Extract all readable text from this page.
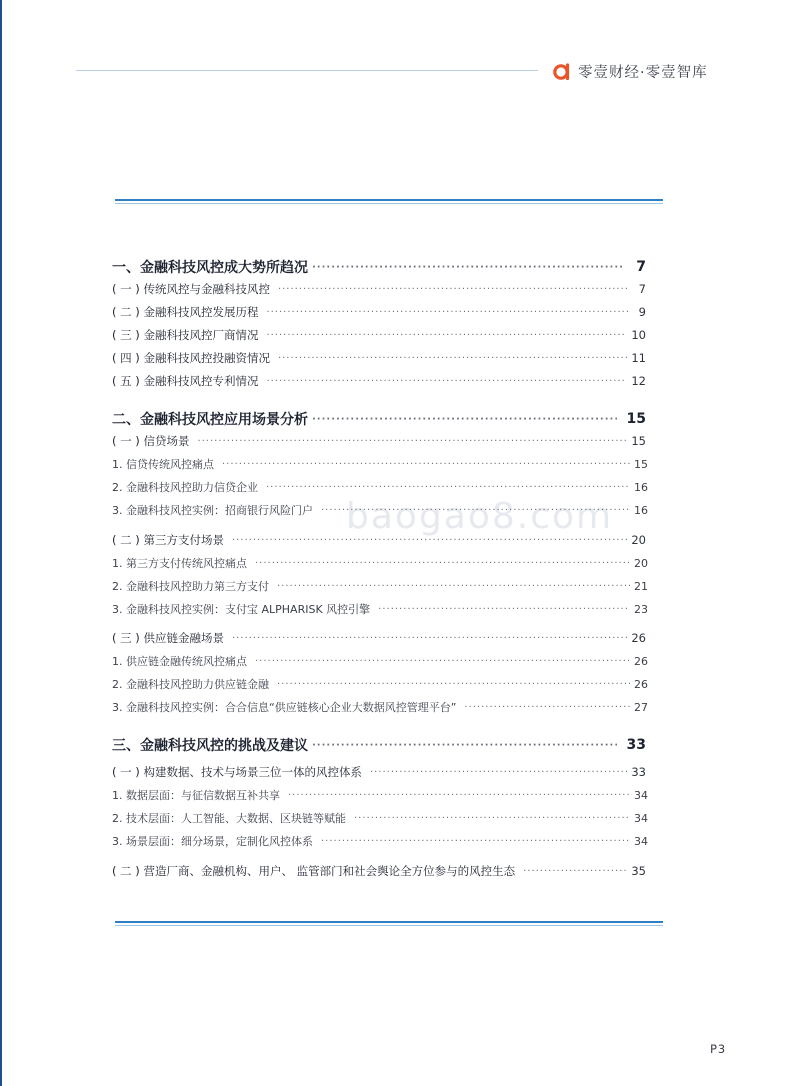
零壹财经·零壹智库
baogao8.com
一、金融科技风控成大势所趋况 ·····	7
( 一 ) 传统风控与金融科技风控 ·····	7
( 二 ) 金融科技风控发展历程 ·····	9
( 三 ) 金融科技风控厂商情况 ·····	10
( 四 ) 金融科技风控投融资情况 ·····	11
( 五 ) 金融科技风控专利情况 ·····	12
二、金融科技风控应用场景分析 ·····	15
( 一 ) 信贷场景 ·····	15
1. 信贷传统风控痛点 ·····	15
2. 金融科技风控助力信贷企业 ·····	16
3. 金融科技风控实例：招商银行风险门户 ·····	16
( 二 ) 第三方支付场景 ·····	20
1. 第三方支付传统风控痛点 ·····	20
2. 金融科技风控助力第三方支付 ·····	21
3. 金融科技风控实例：支付宝 ALPHARISK 风控引擎 ·····	23
( 三 ) 供应链金融场景 ·····	26
1. 供应链金融传统风控痛点 ·····	26
2. 金融科技风控助力供应链金融 ·····	26
3. 金融科技风控实例：合合信息“供应链核心企业大数据风控管理平台” ·····	27
三、金融科技风控的挑战及建议 ·····	33
( 一 ) 构建数据、技术与场景三位一体的风控体系 ·····	33
1. 数据层面：与征信数据互补共享 ·····	34
2. 技术层面：人工智能、大数据、区块链等赋能 ·····	34
3. 场景层面：细分场景，定制化风控体系 ·····	34
( 二 ) 营造厂商、金融机构、用户、 监管部门和社会舆论全方位参与的风控生态 ·····	35
P3
